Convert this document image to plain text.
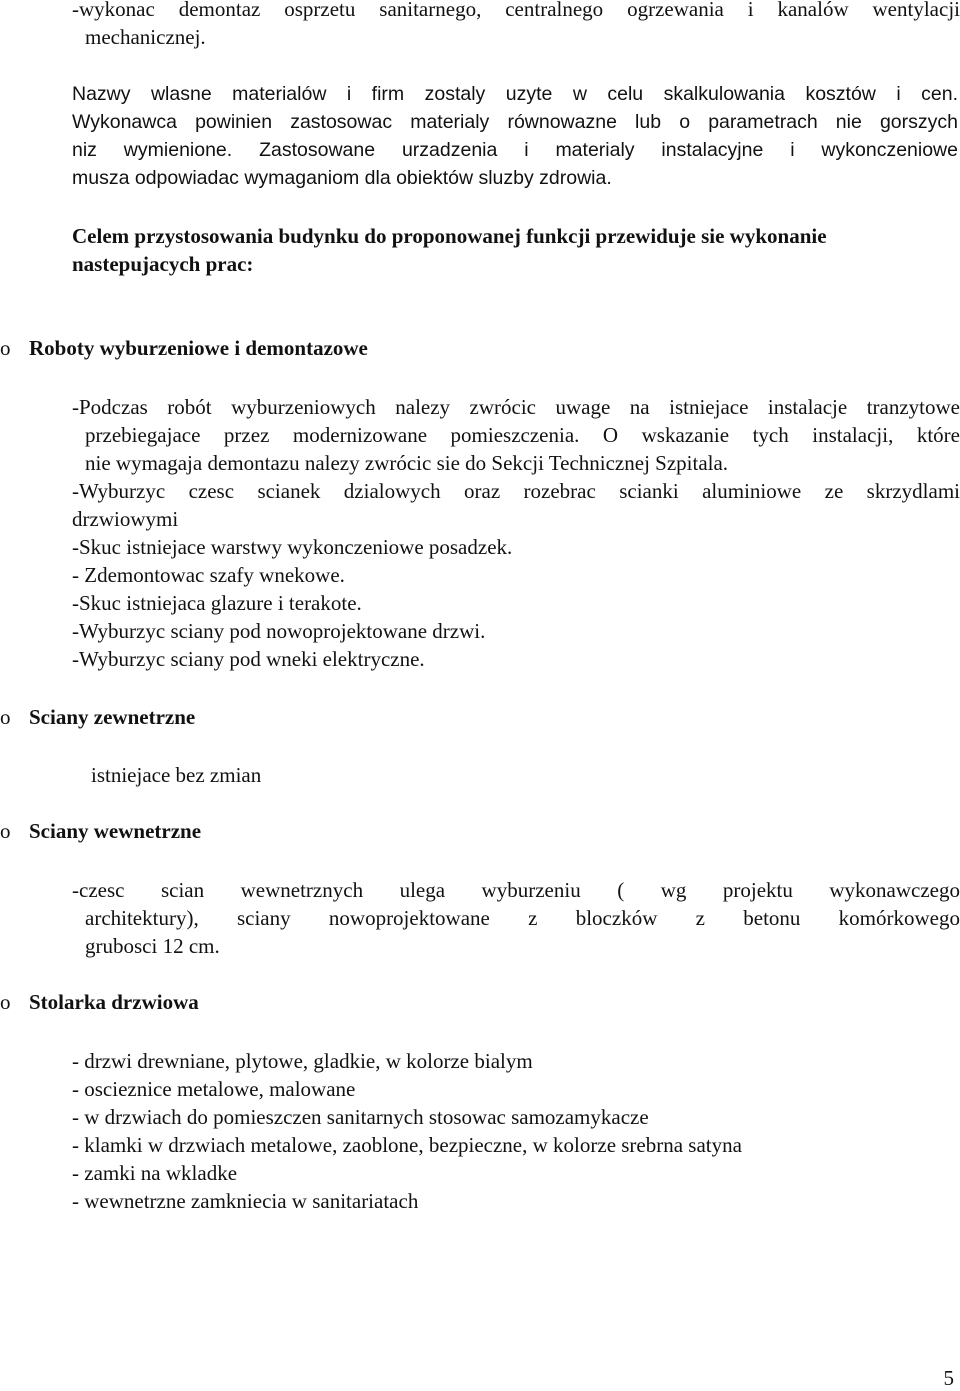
-wykonac demontaz osprzetu sanitarnego, centralnego ogrzewania i kanalów wentylacji
mechanicznej.
Nazwy wlasne materialów i firm zostaly uzyte w celu skalkulowania kosztów i cen.
Wykonawca powinien zastosowac materialy równowazne lub o parametrach nie gorszych
niz wymienione. Zastosowane urzadzenia i materialy instalacyjne i wykonczeniowe
musza odpowiadac wymaganiom dla obiektów sluzby zdrowia.
Celem przystosowania budynku do proponowanej funkcji przewiduje sie wykonanie
nastepujacych prac:
o Roboty wyburzeniowe i demontazowe
-Podczas robót wyburzeniowych nalezy zwrócic uwage na istniejace instalacje tranzytowe
przebiegajace przez modernizowane pomieszczenia. O wskazanie tych instalacji, które
nie wymagaja demontazu nalezy zwrócic sie do Sekcji Technicznej Szpitala.
-Wyburzyc czesc scianek dzialowych oraz rozebrac scianki aluminiowe ze skrzydlami
drzwiowymi
-Skuc istniejace warstwy wykonczeniowe posadzek.
- Zdemontowac szafy wnekowe.
-Skuc istniejaca glazure i terakote.
-Wyburzyc sciany pod nowoprojektowane drzwi.
-Wyburzyc sciany pod wneki elektryczne.
o Sciany zewnetrzne
istniejace bez zmian
o Sciany wewnetrzne
-czesc scian wewnetrznych ulega wyburzeniu ( wg projektu wykonawczego
architektury), sciany nowoprojektowane z bloczków z betonu komórkowego
grubosci 12 cm.
o Stolarka drzwiowa
- drzwi drewniane, plytowe, gladkie, w kolorze bialym
- oscieznice metalowe, malowane
- w drzwiach do pomieszczen sanitarnych stosowac samozamykacze
- klamki w drzwiach metalowe, zaoblone, bezpieczne, w kolorze srebrna satyna
- zamki na wkladke
- wewnetrzne zamkniecia w sanitariatach
5
